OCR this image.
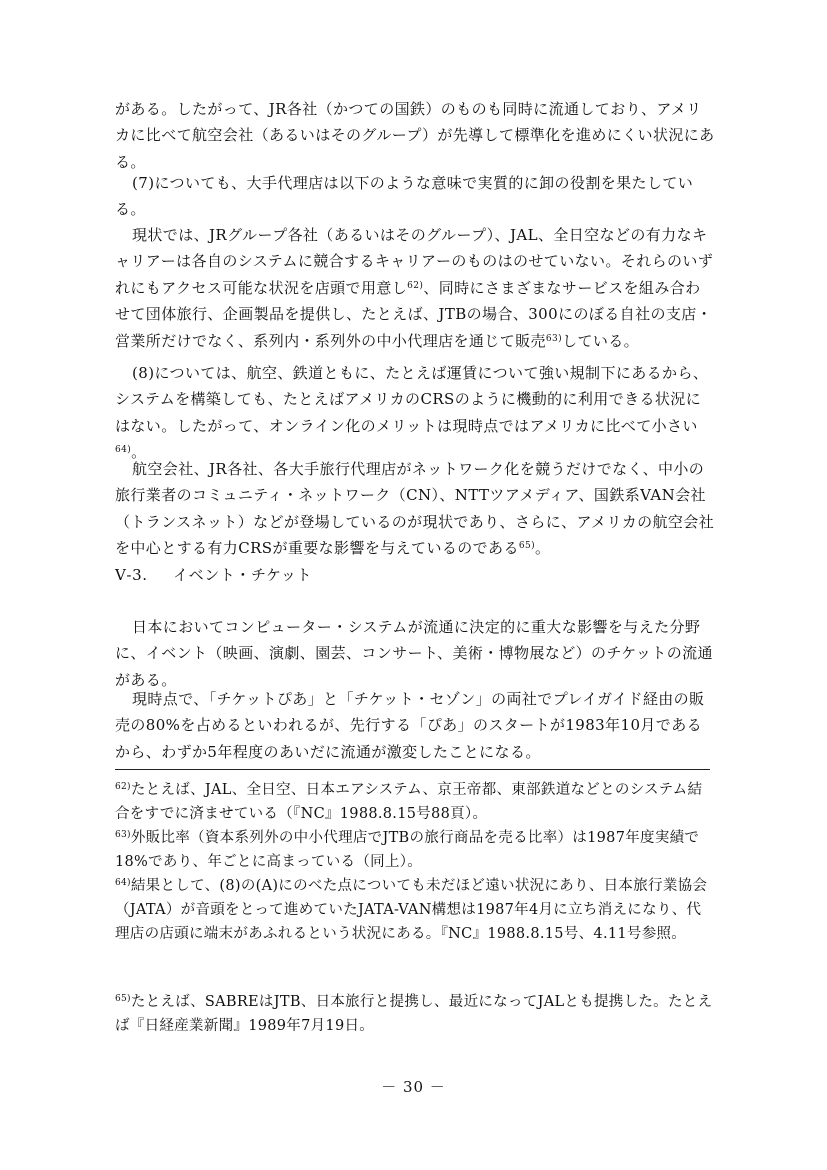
がある。したがって、JR各社（かつての国鉄）のものも同時に流通しており、アメリカに比べて航空会社（あるいはそのグループ）が先導して標準化を進めにくい状況にある。

(7)についても、大手代理店は以下のような意味で実質的に卸の役割を果たしている。

現状では、JRグループ各社（あるいはそのグループ）、JAL、全日空などの有力なキャリアーは各自のシステムに競合するキャリアーのものはのせていない。それらのいずれにもアクセス可能な状況を店頭で用意し$^{62)}$、同時にさまざまなサービスを組み合わせて団体旅行、企画製品を提供し、たとえば、JTBの場合、300にのぼる自社の支店・営業所だけでなく、系列内・系列外の中小代理店を通じて販売$^{63)}$している。

(8)については、航空、鉄道ともに、たとえば運賃について強い規制下にあるから、システムを構築しても、たとえばアメリカのCRSのように機動的に利用できる状況にはない。したがって、オンライン化のメリットは現時点ではアメリカに比べて小さい$^{64)}$。

航空会社、JR各社、各大手旅行代理店がネットワーク化を競うだけでなく、中小の旅行業者のコミュニティ・ネットワーク（CN）、NTTツアメディア、国鉄系VAN会社（トランスネット）などが登場しているのが現状であり、さらに、アメリカの航空会社を中心とする有力CRSが重要な影響を与えているのである$^{65)}$。

Ⅴ-3. イベント・チケット

日本においてコンピューター・システムが流通に決定的に重大な影響を与えた分野に、イベント（映画、演劇、園芸、コンサート、美術・博物展など）のチケットの流通がある。

現時点で、「チケットぴあ」と「チケット・セゾン」の両社でプレイガイド経由の販売の80%を占めるといわれるが、先行する「ぴあ」のスタートが1983年10月であるから、わずか5年程度のあいだに流通が激変したことになる。

$^{62)}$たとえば、JAL、全日空、日本エアシステム、京王帝都、東部鉄道などとのシステム結合をすでに済ませている（『NC』1988.8.15号88頁）。

$^{63)}$外販比率（資本系列外の中小代理店でJTBの旅行商品を売る比率）は1987年度実績で18%であり、年ごとに高まっている（同上）。

$^{64)}$結果として、(8)の(A)にのべた点についても未だほど遠い状況にあり、日本旅行業協会（JATA）が音頭をとって進めていたJATA-VAN構想は1987年4月に立ち消えになり、代理店の店頭に端末があふれるという状況にある。『NC』1988.8.15号、4.11号参照。

$^{65)}$たとえば、SABREはJTB、日本旅行と提携し、最近になってJALとも提携した。たとえば『日経産業新聞』1989年7月19日。

－ 30 －
